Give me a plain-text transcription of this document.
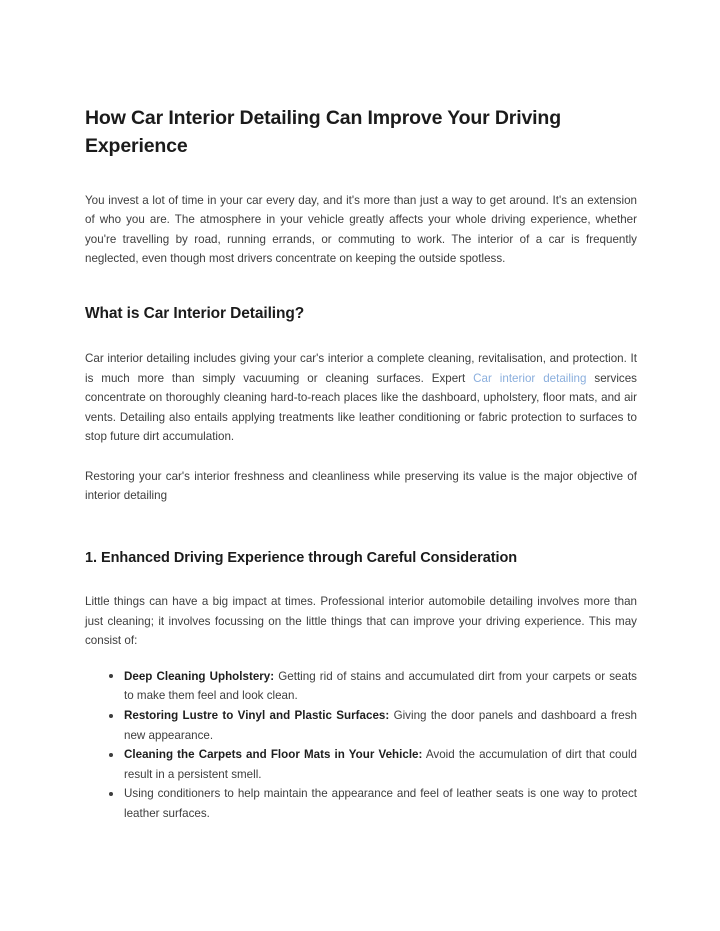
How Car Interior Detailing Can Improve Your Driving Experience

You invest a lot of time in your car every day, and it's more than just a way to get around. It's an extension of who you are. The atmosphere in your vehicle greatly affects your whole driving experience, whether you're travelling by road, running errands, or commuting to work. The interior of a car is frequently neglected, even though most drivers concentrate on keeping the outside spotless.

What is Car Interior Detailing?

Car interior detailing includes giving your car's interior a complete cleaning, revitalisation, and protection. It is much more than simply vacuuming or cleaning surfaces. Expert Car interior detailing services concentrate on thoroughly cleaning hard-to-reach places like the dashboard, upholstery, floor mats, and air vents. Detailing also entails applying treatments like leather conditioning or fabric protection to surfaces to stop future dirt accumulation.

Restoring your car's interior freshness and cleanliness while preserving its value is the major objective of interior detailing

1. Enhanced Driving Experience through Careful Consideration

Little things can have a big impact at times. Professional interior automobile detailing involves more than just cleaning; it involves focussing on the little things that can improve your driving experience. This may consist of:

Deep Cleaning Upholstery: Getting rid of stains and accumulated dirt from your carpets or seats to make them feel and look clean.
Restoring Lustre to Vinyl and Plastic Surfaces: Giving the door panels and dashboard a fresh new appearance.
Cleaning the Carpets and Floor Mats in Your Vehicle: Avoid the accumulation of dirt that could result in a persistent smell.
Using conditioners to help maintain the appearance and feel of leather seats is one way to protect leather surfaces.
